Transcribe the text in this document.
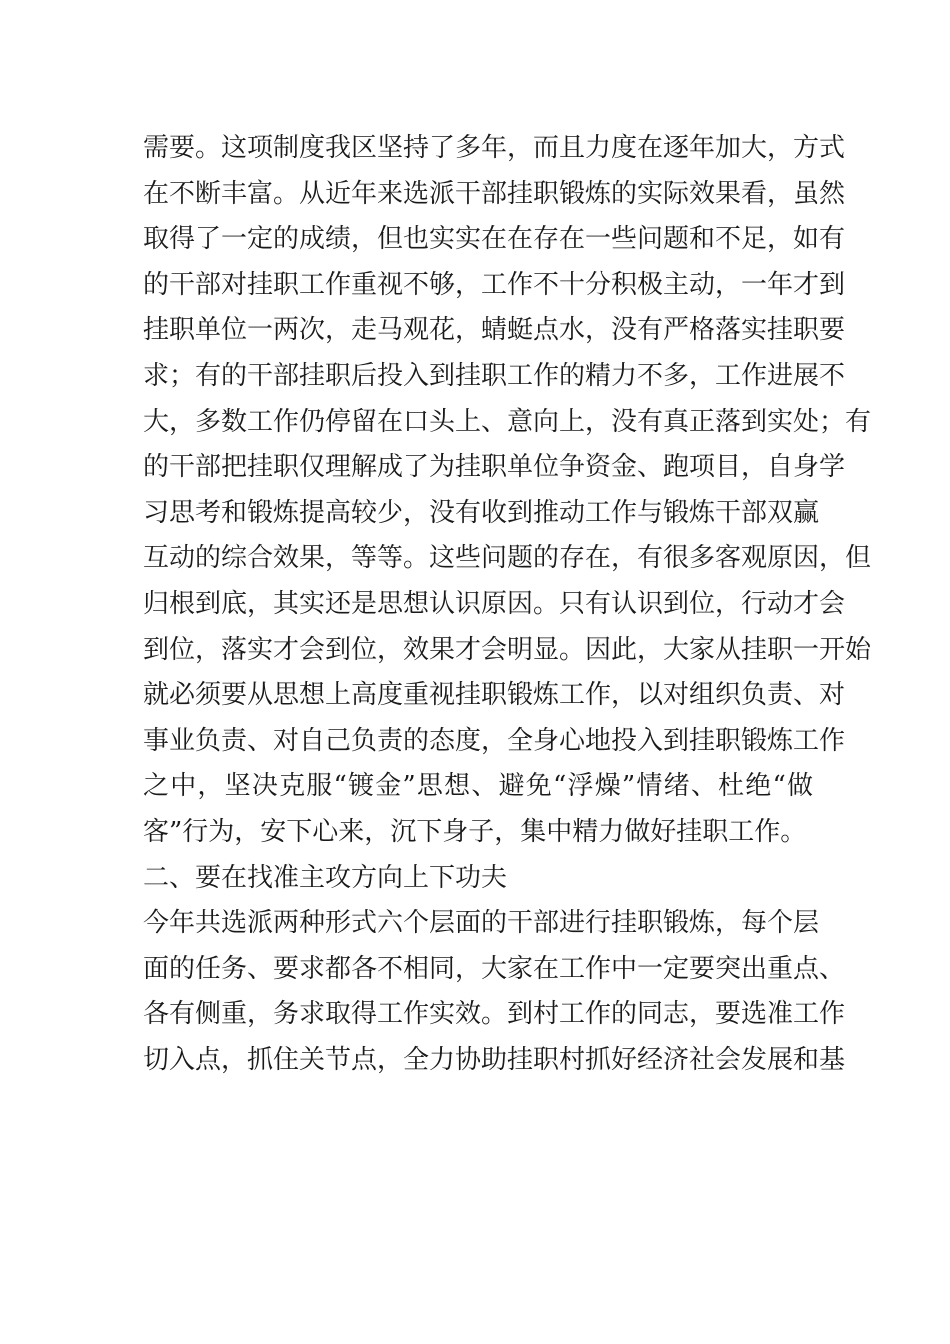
需要。这项制度我区坚持了多年，而且力度在逐年加大，方式
在不断丰富。从近年来选派干部挂职锻炼的实际效果看，虽然
取得了一定的成绩，但也实实在在存在一些问题和不足，如有
的干部对挂职工作重视不够，工作不十分积极主动，一年才到
挂职单位一两次，走马观花，蜻蜓点水，没有严格落实挂职要
求；有的干部挂职后投入到挂职工作的精力不多，工作进展不
大，多数工作仍停留在口头上、意向上，没有真正落到实处；有
的干部把挂职仅理解成了为挂职单位争资金、跑项目，自身学
习思考和锻炼提高较少，没有收到推动工作与锻炼干部双赢
互动的综合效果，等等。这些问题的存在，有很多客观原因，但
归根到底，其实还是思想认识原因。只有认识到位，行动才会
到位，落实才会到位，效果才会明显。因此，大家从挂职一开始
就必须要从思想上高度重视挂职锻炼工作，以对组织负责、对
事业负责、对自己负责的态度，全身心地投入到挂职锻炼工作
之中，坚决克服“镀金”思想、避免“浮燥”情绪、杜绝“做
客”行为，安下心来，沉下身子，集中精力做好挂职工作。
二、要在找准主攻方向上下功夫
今年共选派两种形式六个层面的干部进行挂职锻炼，每个层
面的任务、要求都各不相同，大家在工作中一定要突出重点、
各有侧重，务求取得工作实效。到村工作的同志，要选准工作
切入点，抓住关节点，全力协助挂职村抓好经济社会发展和基
